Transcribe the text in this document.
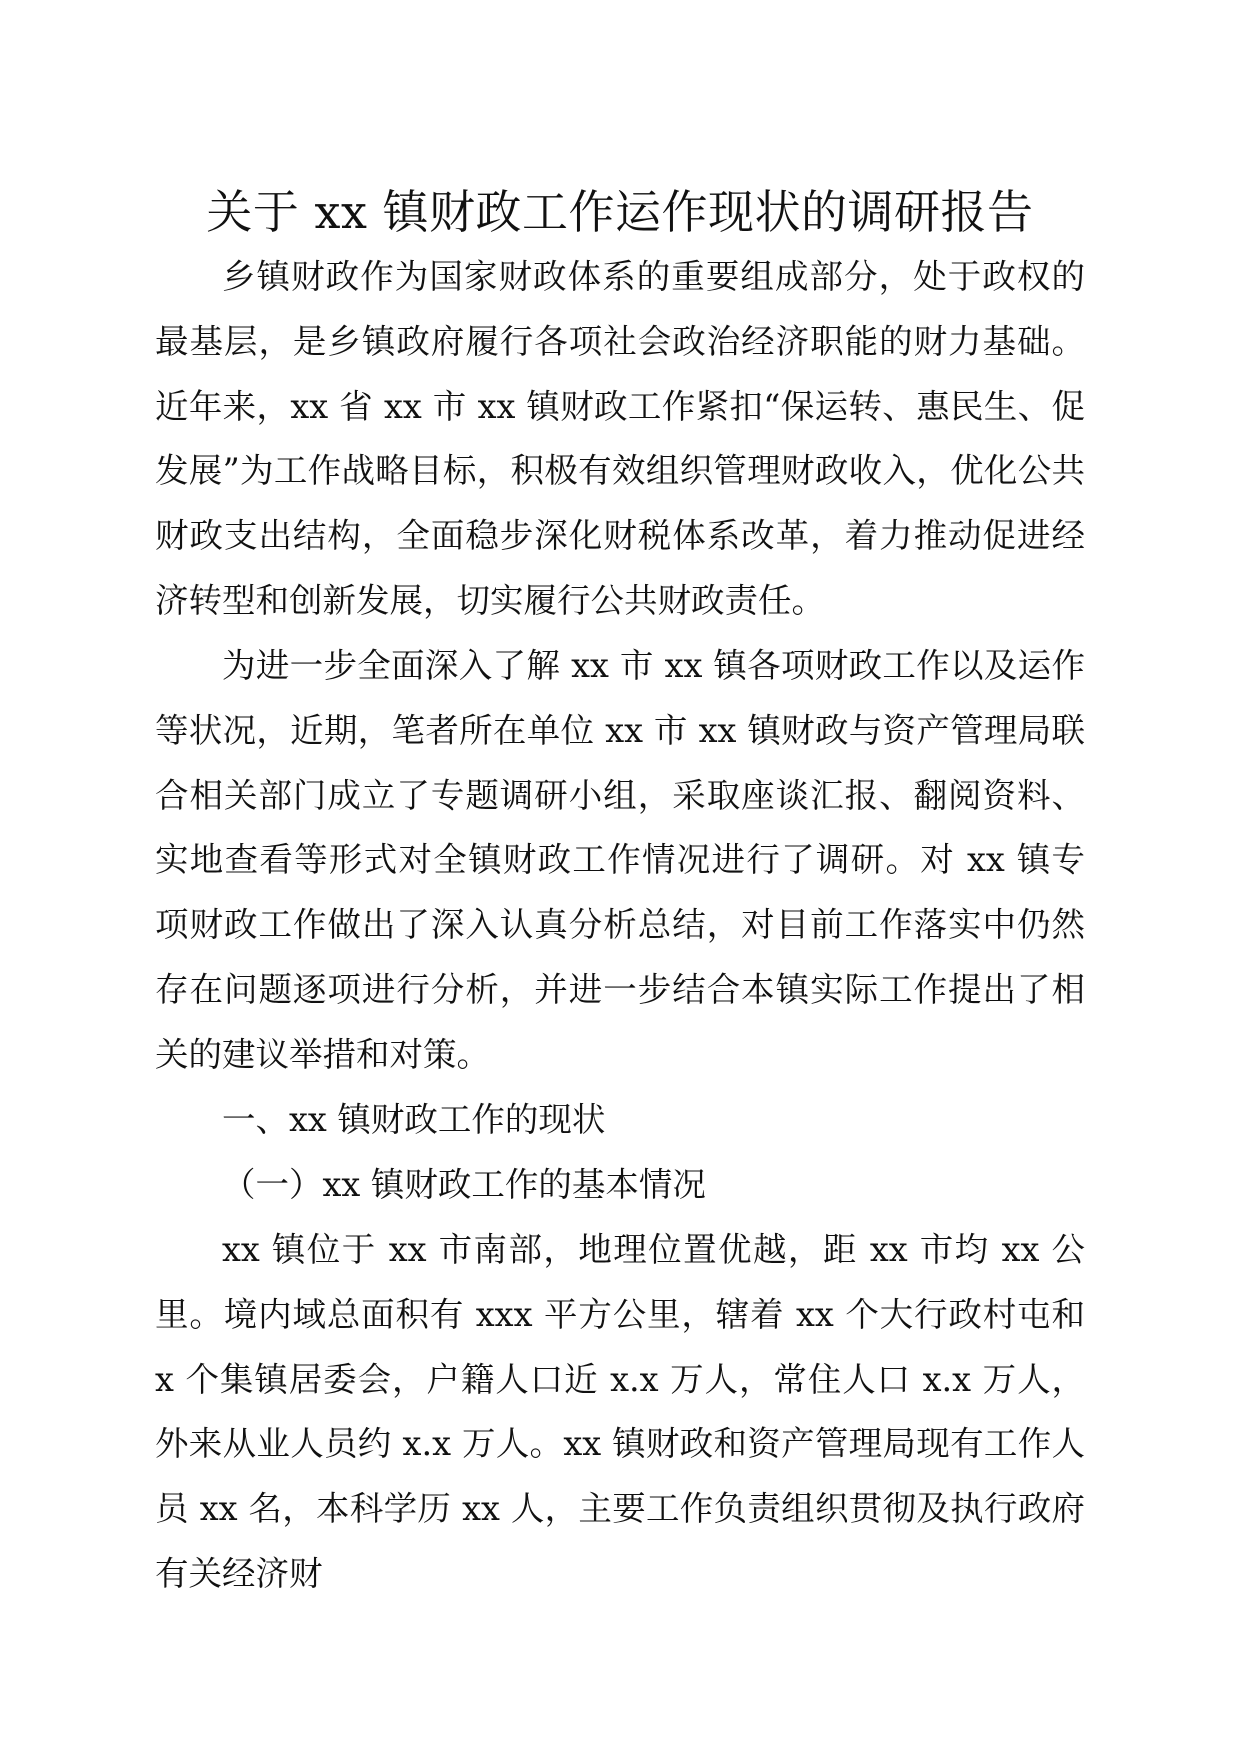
关于 xx 镇财政工作运作现状的调研报告

乡镇财政作为国家财政体系的重要组成部分，处于政权的最基层，是乡镇政府履行各项社会政治经济职能的财力基础。近年来，xx 省 xx 市 xx 镇财政工作紧扣“保运转、惠民生、促发展”为工作战略目标，积极有效组织管理财政收入，优化公共财政支出结构，全面稳步深化财税体系改革，着力推动促进经济转型和创新发展，切实履行公共财政责任。

为进一步全面深入了解 xx 市 xx 镇各项财政工作以及运作等状况，近期，笔者所在单位 xx 市 xx 镇财政与资产管理局联合相关部门成立了专题调研小组，采取座谈汇报、翻阅资料、实地查看等形式对全镇财政工作情况进行了调研。对 xx 镇专项财政工作做出了深入认真分析总结，对目前工作落实中仍然存在问题逐项进行分析，并进一步结合本镇实际工作提出了相关的建议举措和对策。

一、xx 镇财政工作的现状

（一）xx 镇财政工作的基本情况

xx 镇位于 xx 市南部，地理位置优越，距 xx 市均 xx 公里。境内域总面积有 xxx 平方公里，辖着 xx 个大行政村屯和 x 个集镇居委会，户籍人口近 x.x 万人，常住人口 x.x 万人，外来从业人员约 x.x 万人。xx 镇财政和资产管理局现有工作人员 xx 名，本科学历 xx 人，主要工作负责组织贯彻及执行政府有关经济财
